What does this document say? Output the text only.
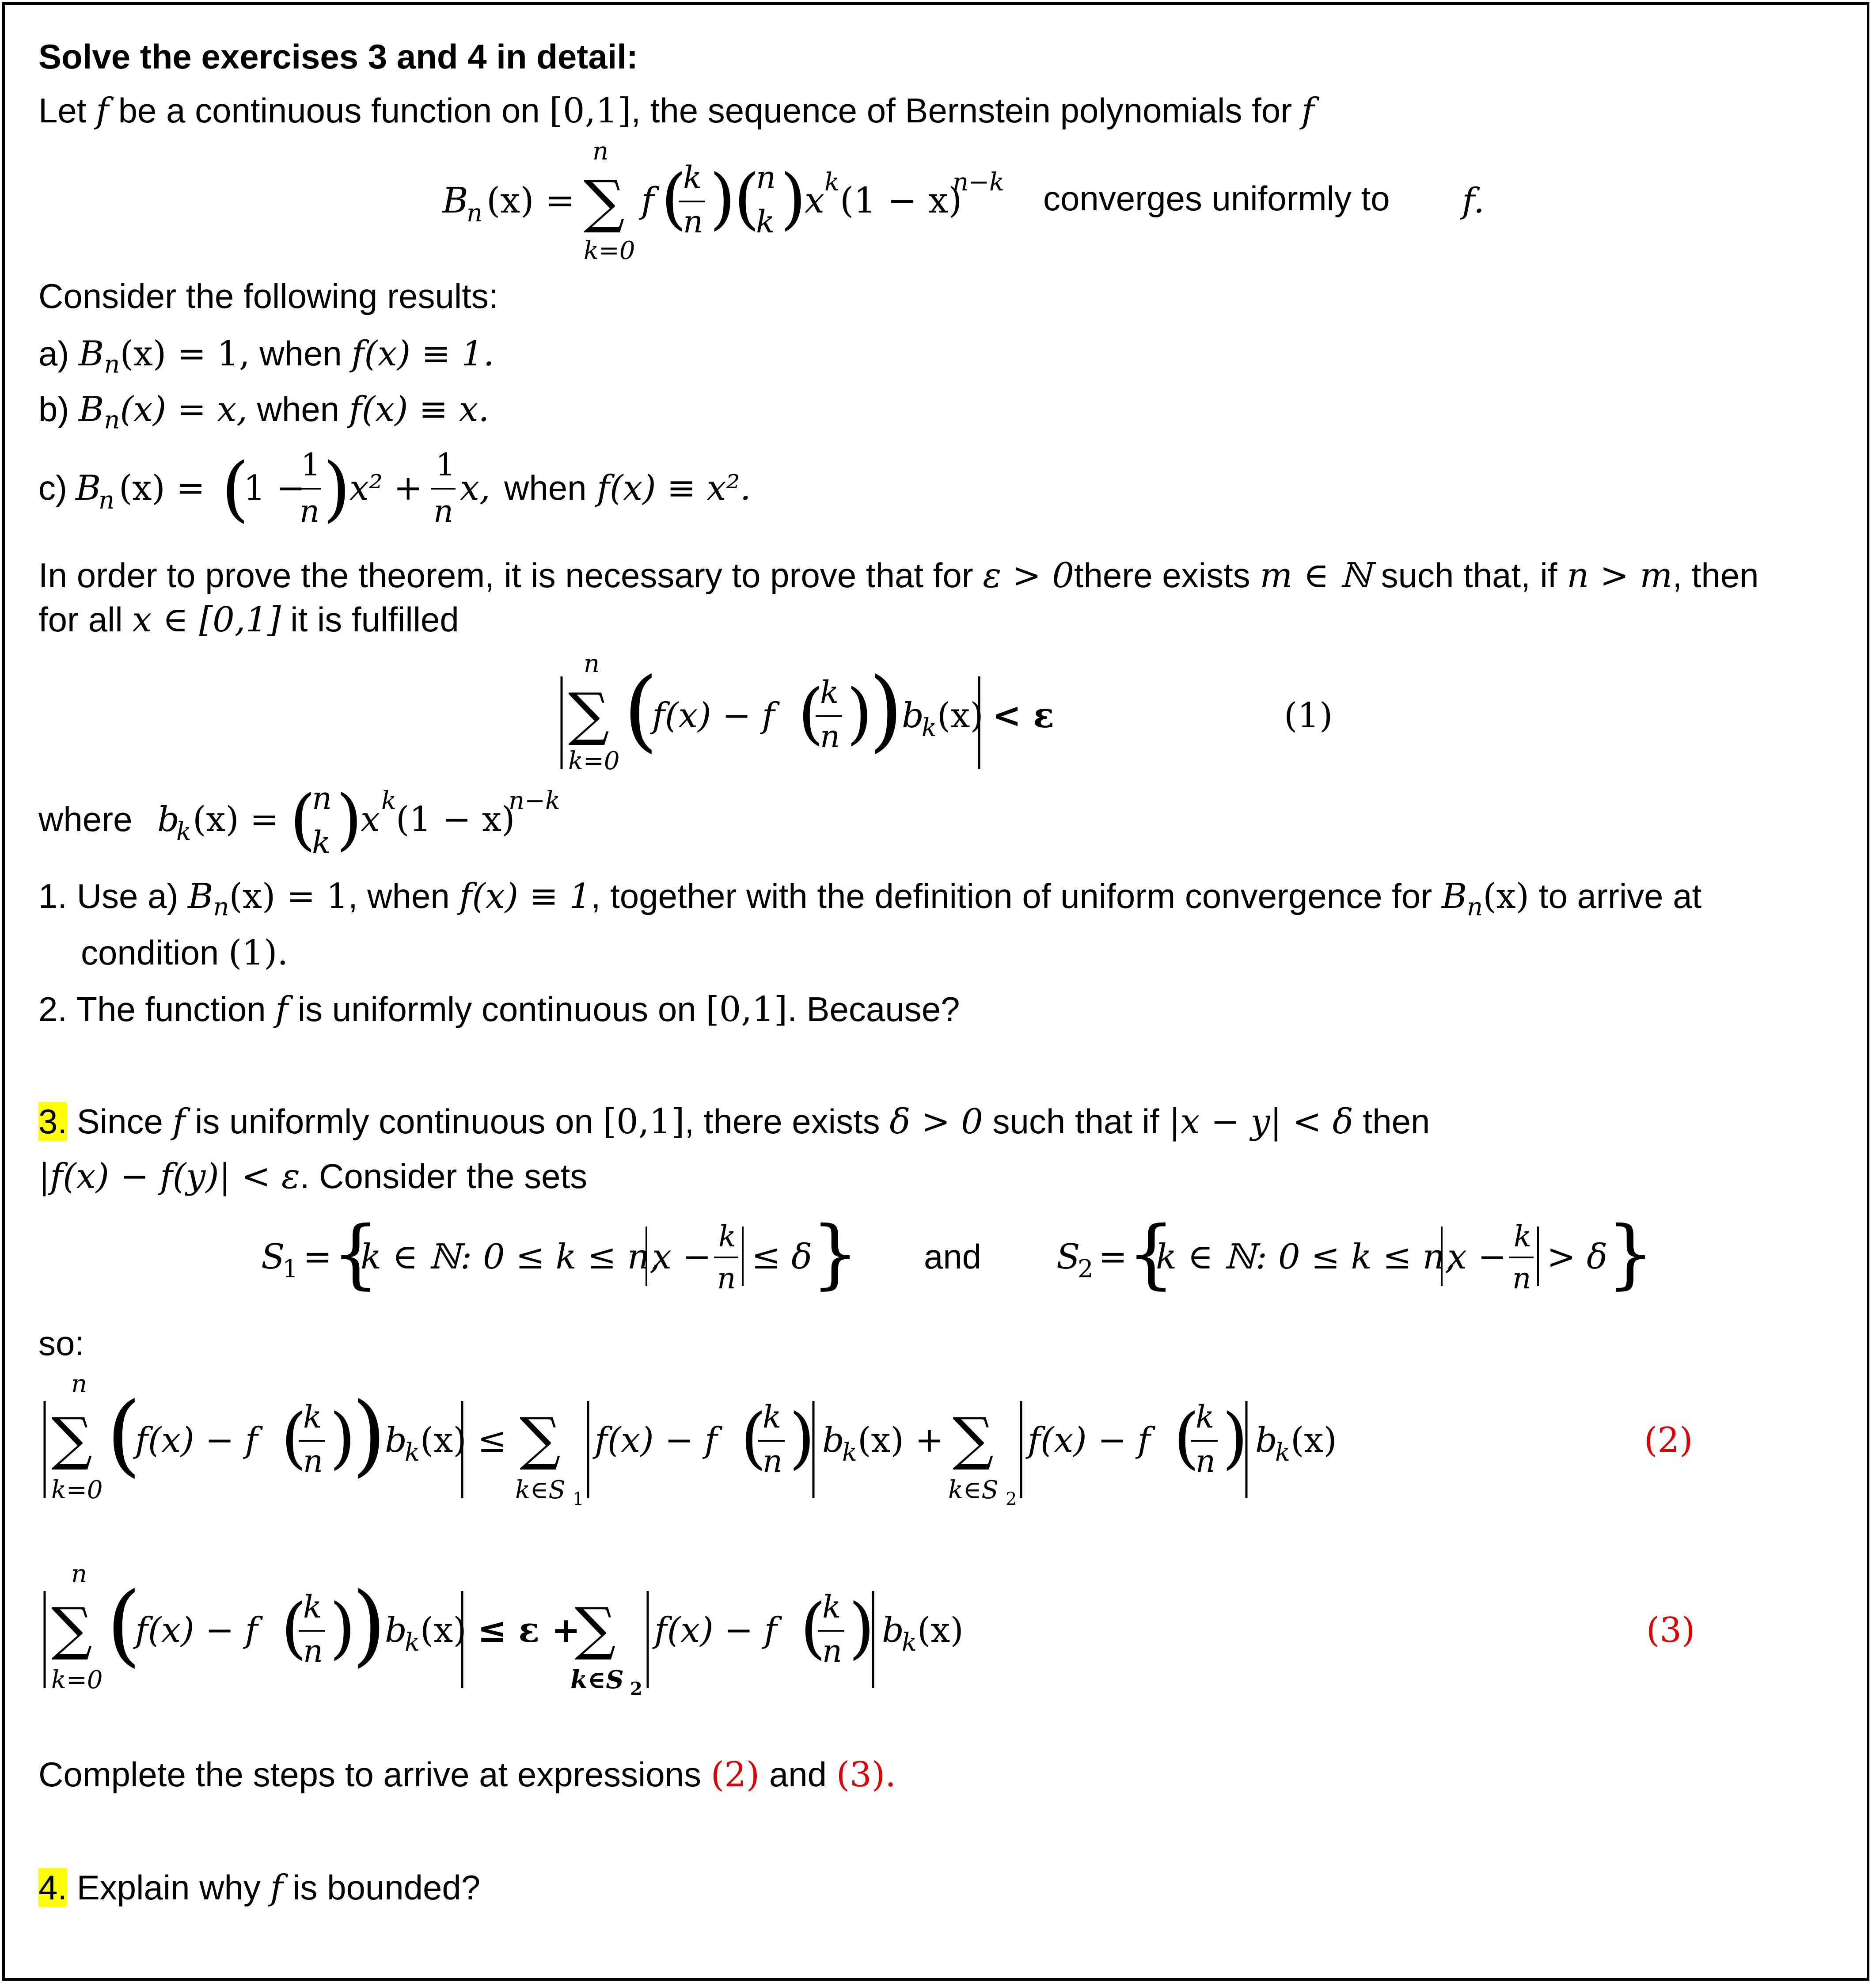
Solve the exercises 3 and 4 in detail:
Let f be a continuous function on [0,1], the sequence of Bernstein polynomials for f
B
n (x) =
n
∑
k=0
f (
k
n )
(
n
k )
x k (1 − x)
n−k converges uniformly to f.
Consider the following results:
a) $B_n(x) = 1$, when f(x) ≡ 1.
b) $B_n(x) = x$, when f(x) ≡ x.
c) B
n (x) = (
1 −
1
n )
x² +
1
n
x, when f(x) ≡ x².
In order to prove the theorem, it is necessary to prove that for ε > 0there exists m ∈ ℕ such that, if n > m, then
for all x ∈ [0,1] it is fulfilled
n
∑
k=0 (
f(x) − f (
k
n )
)
b
k (x) < ε	(1)
where b
k (x) = (
n
k )
x k (1 − x)
n−k
1. Use a) $B_n(x) = 1$, when f(x) ≡ 1, together with the definition of uniform convergence for $B_n(x)$ to arrive at
condition (1).
2. The function f is uniformly continuous on [0,1]. Because?
3. Since f is uniformly continuous on [0,1], there exists δ > 0 such that if |x − y| < δ then
|f(x) − f(y)| < ε. Consider the sets
S
1 = {
k ∈ ℕ: 0 ≤ k ≤ n,
x −
k
n
≤ δ
} and S
2 = {
k ∈ ℕ: 0 ≤ k ≤ n,
x −
k
n
> δ
}
so:
n
∑
k=0
(
f(x) − f (
k
n )
)
b
k (x) ≤ ∑
k∈S 1
f(x) − f (
k
n ) b
k (x) + ∑
k∈S 2
f(x) − f (
k
n ) b
k (x)	(2)
n
∑
k=0
(
f(x) − f (
k
n )
)
b
k (x) ≤ ε +
∑
k∈S 2
f(x) − f (
k
n ) b
k (x)	(3)
Complete the steps to arrive at expressions (2) and (3).
4. Explain why f is bounded?
